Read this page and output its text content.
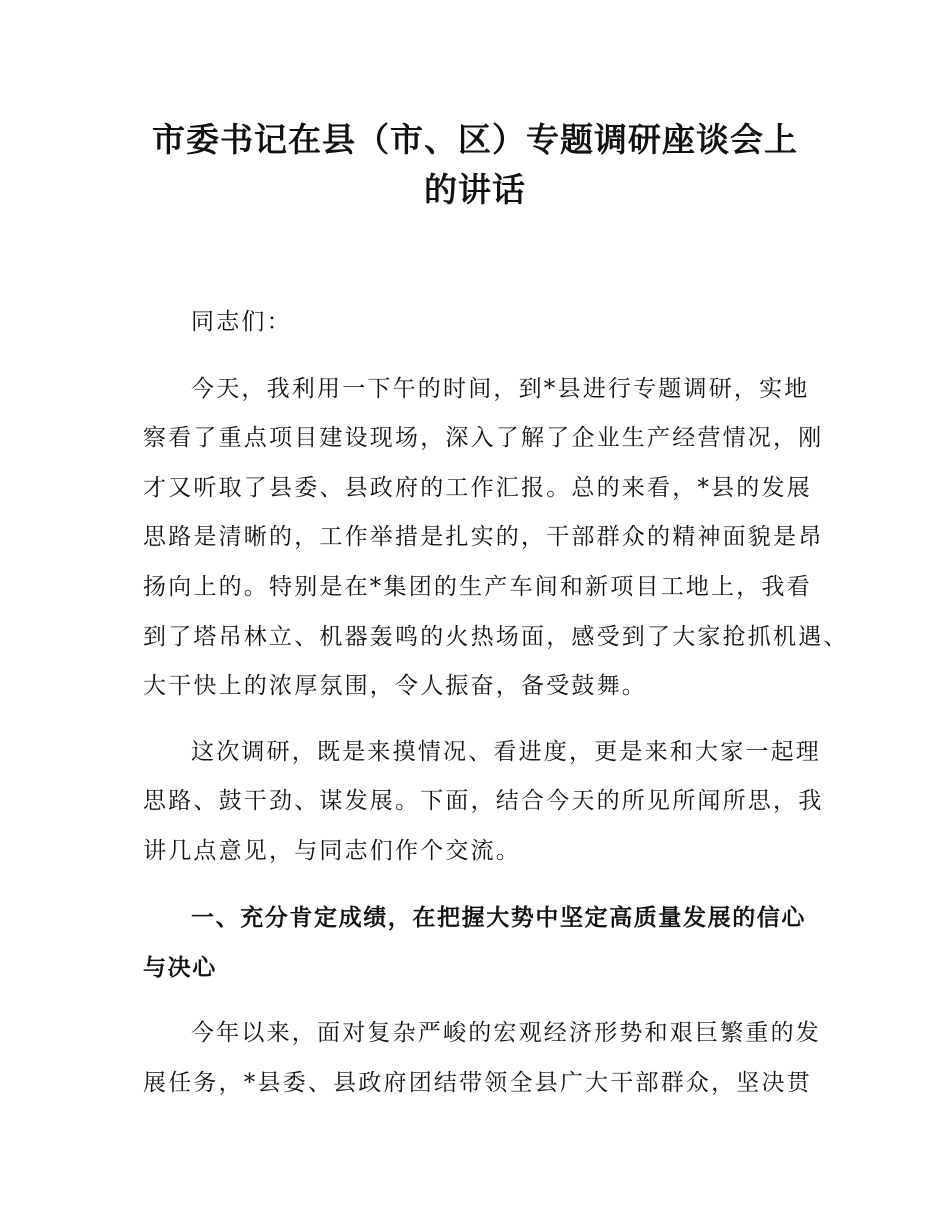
市委书记在县（市、区）专题调研座谈会上
的讲话
同志们：
今天，我利用一下午的时间，到*县进行专题调研，实地
察看了重点项目建设现场，深入了解了企业生产经营情况，刚
才又听取了县委、县政府的工作汇报。总的来看，*县的发展
思路是清晰的，工作举措是扎实的，干部群众的精神面貌是昂
扬向上的。特别是在*集团的生产车间和新项目工地上，我看
到了塔吊林立、机器轰鸣的火热场面，感受到了大家抢抓机遇、
大干快上的浓厚氛围，令人振奋，备受鼓舞。
这次调研，既是来摸情况、看进度，更是来和大家一起理
思路、鼓干劲、谋发展。下面，结合今天的所见所闻所思，我
讲几点意见，与同志们作个交流。
一、充分肯定成绩，在把握大势中坚定高质量发展的信心
与决心
今年以来，面对复杂严峻的宏观经济形势和艰巨繁重的发
展任务，*县委、县政府团结带领全县广大干部群众，坚决贯
